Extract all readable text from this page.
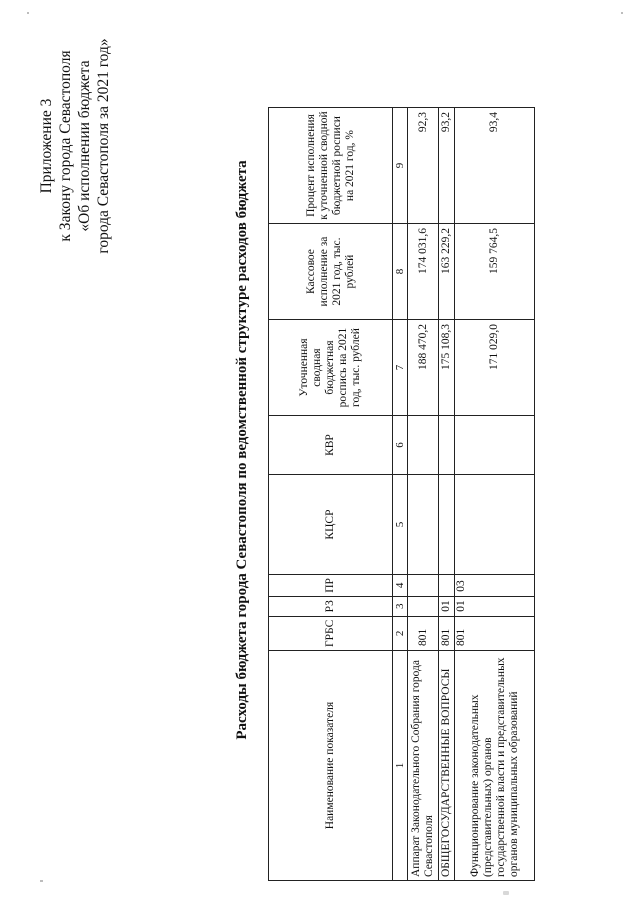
Приложение 3 к Закону города Севастополя «Об исполнении бюджета города Севастополя за 2021 год»
Расходы бюджета города Севастополя по ведомственной структуре расходов бюджета
Наименование показателя	ГРБС	РЗ	ПР	КЦСР	КВР	Уточненная сводная бюджетная роспись на 2021 год, тыс. рублей	Кассовое исполнение за 2021 год, тыс. рублей	Процент исполнения к уточненной сводной бюджетной росписи на 2021 год, %
1	2	3	4	5	6	7	8	9
Аппарат Законодательного Собрания города Севастополя	801					188 470,2	174 031,6	92,3
ОБЩЕГОСУДАРСТВЕННЫЕ ВОПРОСЫ	801	01				175 108,3	163 229,2	93,2
Функционирование законодательных (представительных) органов государственной власти и представительных органов муниципальных образований	801	01	03			171 029,0	159 764,5	93,4
